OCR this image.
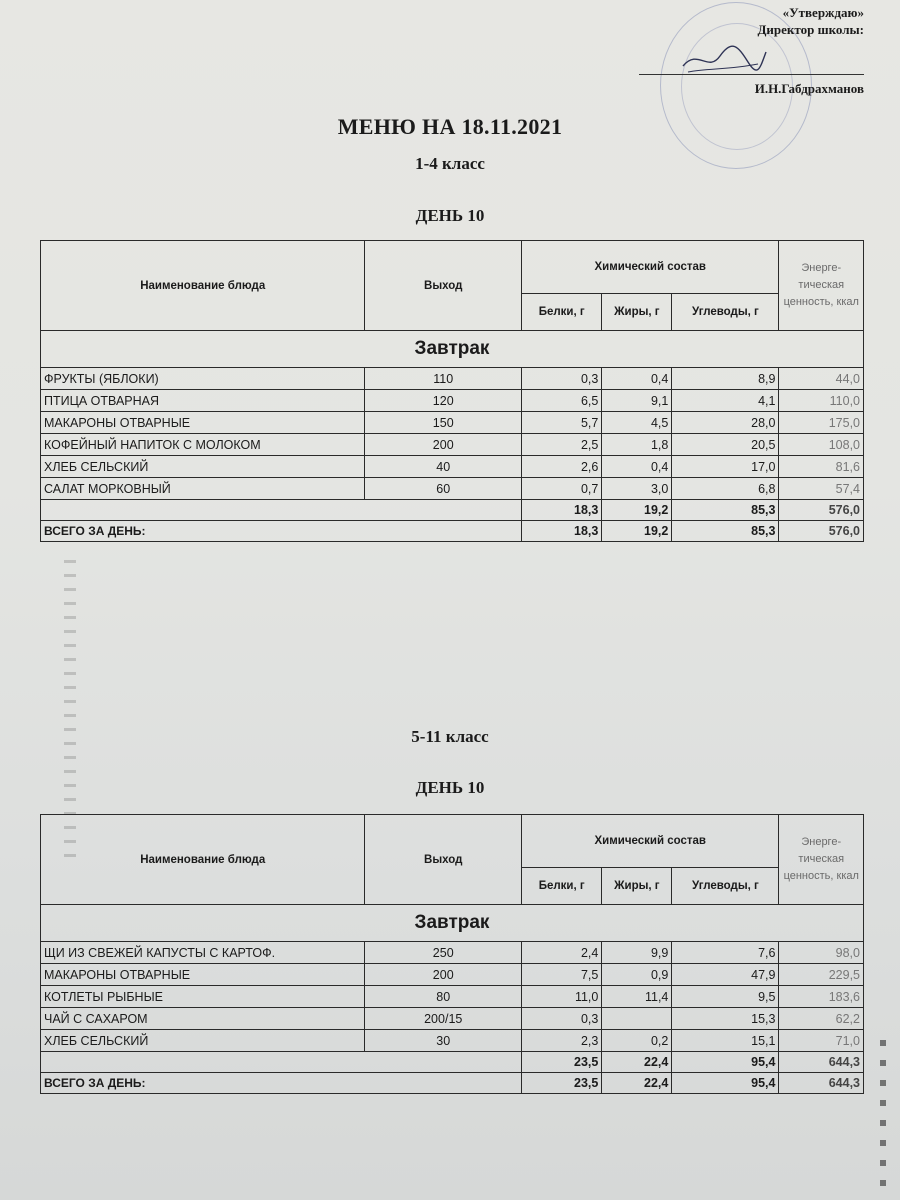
«Утверждаю»
Директор школы:
И.Н.Габдрахманов
МЕНЮ НА 18.11.2021
1-4 класс
ДЕНЬ 10
Наименование блюда	Выход	Химический состав			Энерге-тическая ценность, ккал
		Белки, г	Жиры, г	Углеводы, г	
Завтрак					
ФРУКТЫ (ЯБЛОКИ)	110	0,3	0,4	8,9	44,0
ПТИЦА ОТВАРНАЯ	120	6,5	9,1	4,1	110,0
МАКАРОНЫ ОТВАРНЫЕ	150	5,7	4,5	28,0	175,0
КОФЕЙНЫЙ НАПИТОК С МОЛОКОМ	200	2,5	1,8	20,5	108,0
ХЛЕБ СЕЛЬСКИЙ	40	2,6	0,4	17,0	81,6
САЛАТ МОРКОВНЫЙ	60	0,7	3,0	6,8	57,4
		18,3	19,2	85,3	576,0
ВСЕГО ЗА ДЕНЬ:		18,3	19,2	85,3	576,0
5-11 класс
ДЕНЬ 10
Наименование блюда	Выход	Химический состав			Энерге-тическая ценность, ккал
		Белки, г	Жиры, г	Углеводы, г	
Завтрак					
ЩИ ИЗ СВЕЖЕЙ КАПУСТЫ С КАРТОФ.	250	2,4	9,9	7,6	98,0
МАКАРОНЫ ОТВАРНЫЕ	200	7,5	0,9	47,9	229,5
КОТЛЕТЫ РЫБНЫЕ	80	11,0	11,4	9,5	183,6
ЧАЙ С САХАРОМ	200/15	0,3		15,3	62,2
ХЛЕБ СЕЛЬСКИЙ	30	2,3	0,2	15,1	71,0
		23,5	22,4	95,4	644,3
ВСЕГО ЗА ДЕНЬ:		23,5	22,4	95,4	644,3
